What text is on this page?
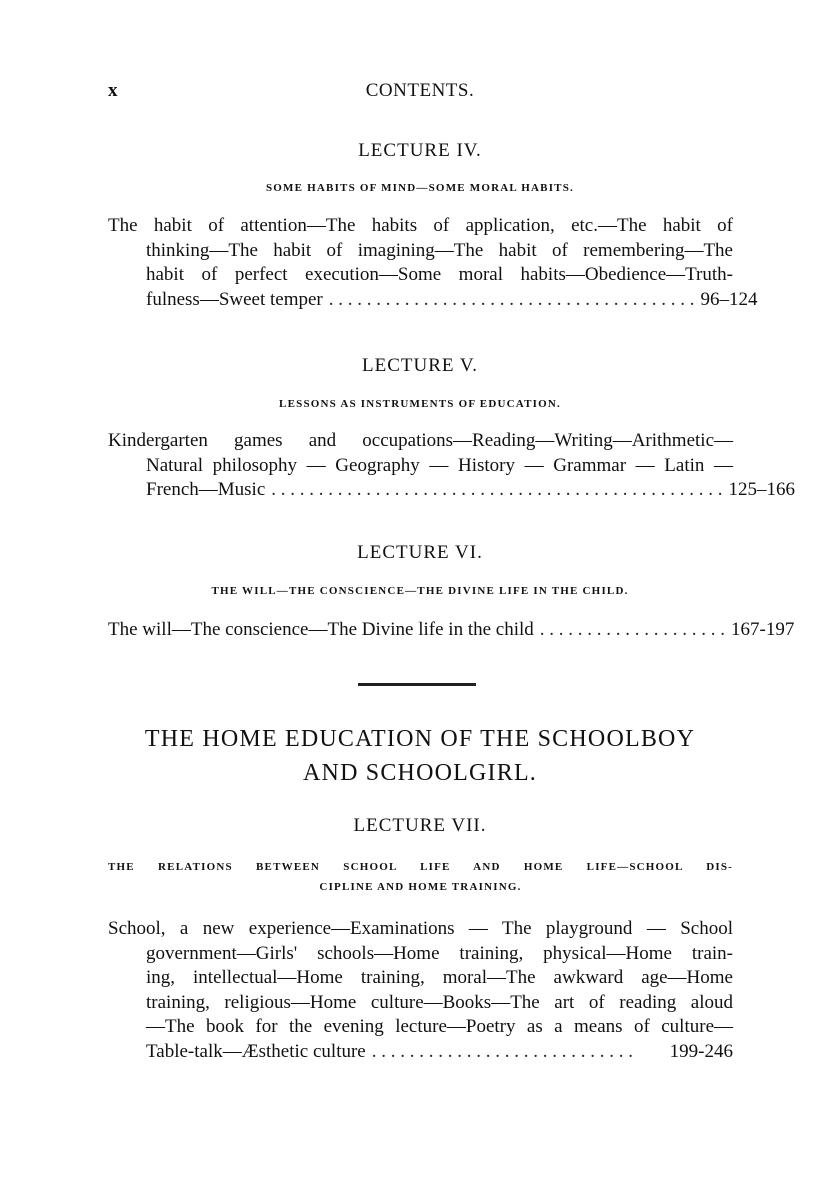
x	CONTENTS.
LECTURE IV.
SOME HABITS OF MIND—SOME MORAL HABITS.
The habit of attention—The habits of application, etc.—The habit of
thinking—The habit of imagining—The habit of remembering—The
habit of perfect execution—Some moral habits—Obedience—Truth-
fulness—Sweet temper . . . . . . . . . . . . . . . . . . . . . . . . . . . . . . . . . . . . . . . 96–124
LECTURE V.
LESSONS AS INSTRUMENTS OF EDUCATION.
Kindergarten games and occupations—Reading—Writing—Arithmetic—
Natural philosophy — Geography — History — Grammar — Latin —
French—Music . . . . . . . . . . . . . . . . . . . . . . . . . . . . . . . . . . . . . . . . . . . . . . . . 125–166
LECTURE VI.
THE WILL—THE CONSCIENCE—THE DIVINE LIFE IN THE CHILD.
The will—The conscience—The Divine life in the child . . . . . . . . . . . . . . . . . . . . 167-197
THE HOME EDUCATION OF THE SCHOOLBOY
AND SCHOOLGIRL.
LECTURE VII.
THE RELATIONS BETWEEN SCHOOL LIFE AND HOME LIFE—SCHOOL DIS-
CIPLINE AND HOME TRAINING.
School, a new experience—Examinations — The playground — School
government—Girls' schools—Home training, physical—Home train-
ing, intellectual—Home training, moral—The awkward age—Home
training, religious—Home culture—Books—The art of reading aloud
—The book for the evening lecture—Poetry as a means of culture—
Table-talk—Æsthetic culture . . . . . . . . . . . . . . . . . . . . . . . . . . . .	199-246
